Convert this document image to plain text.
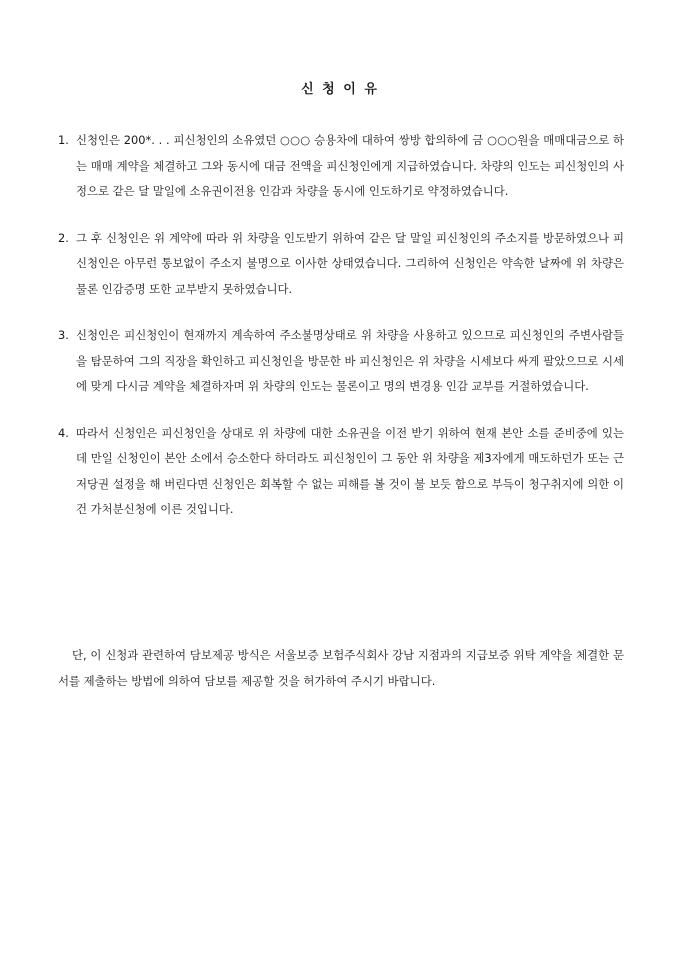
신 청 이 유
1. 신청인은 200*. . . 피신청인의 소유였던 ○○○ 승용차에 대하여 쌍방 합의하에 금 ○○○원을 매매대금으로 하는 매매 계약을 체결하고 그와 동시에 대금 전액을 피신청인에게 지급하였습니다. 차량의 인도는 피신청인의 사정으로 같은 달 말일에 소유권이전용 인감과 차량을 동시에 인도하기로 약정하였습니다.
2. 그 후 신청인은 위 계약에 따라 위 차량을 인도받기 위하여 같은 달 말일 피신청인의 주소지를 방문하였으나 피신청인은 아무런 통보없이 주소지 불명으로 이사한 상태였습니다. 그리하여 신청인은 약속한 날짜에 위 차량은 물론 인감증명 또한 교부받지 못하였습니다.
3. 신청인은 피신청인이 현재까지 계속하여 주소불명상태로 위 차량을 사용하고 있으므로 피신청인의 주변사람들을 탐문하여 그의 직장을 확인하고 피신청인을 방문한 바 피신청인은 위 차량을 시세보다 싸게 팔았으므로 시세에 맞게 다시금 계약을 체결하자며 위 차량의 인도는 물론이고 명의 변경용 인감 교부를 거절하였습니다.
4. 따라서 신청인은 피신청인을 상대로 위 차량에 대한 소유권을 이전 받기 위하여 현재 본안 소를 준비중에 있는데 만일 신청인이 본안 소에서 승소한다 하더라도 피신청인이 그 동안 위 차량을 제3자에게 매도하던가 또는 근저당권 설정을 해 버린다면 신청인은 회복할 수 없는 피해를 볼 것이 불 보듯 함으로 부득이 청구취지에 의한 이건 가처분신청에 이른 것입니다.
단, 이 신청과 관련하여 담보제공 방식은 서울보증 보험주식회사 강남 지점과의 지급보증 위탁 계약을 체결한 문서를 제출하는 방법에 의하여 담보를 제공할 것을 허가하여 주시기 바랍니다.
